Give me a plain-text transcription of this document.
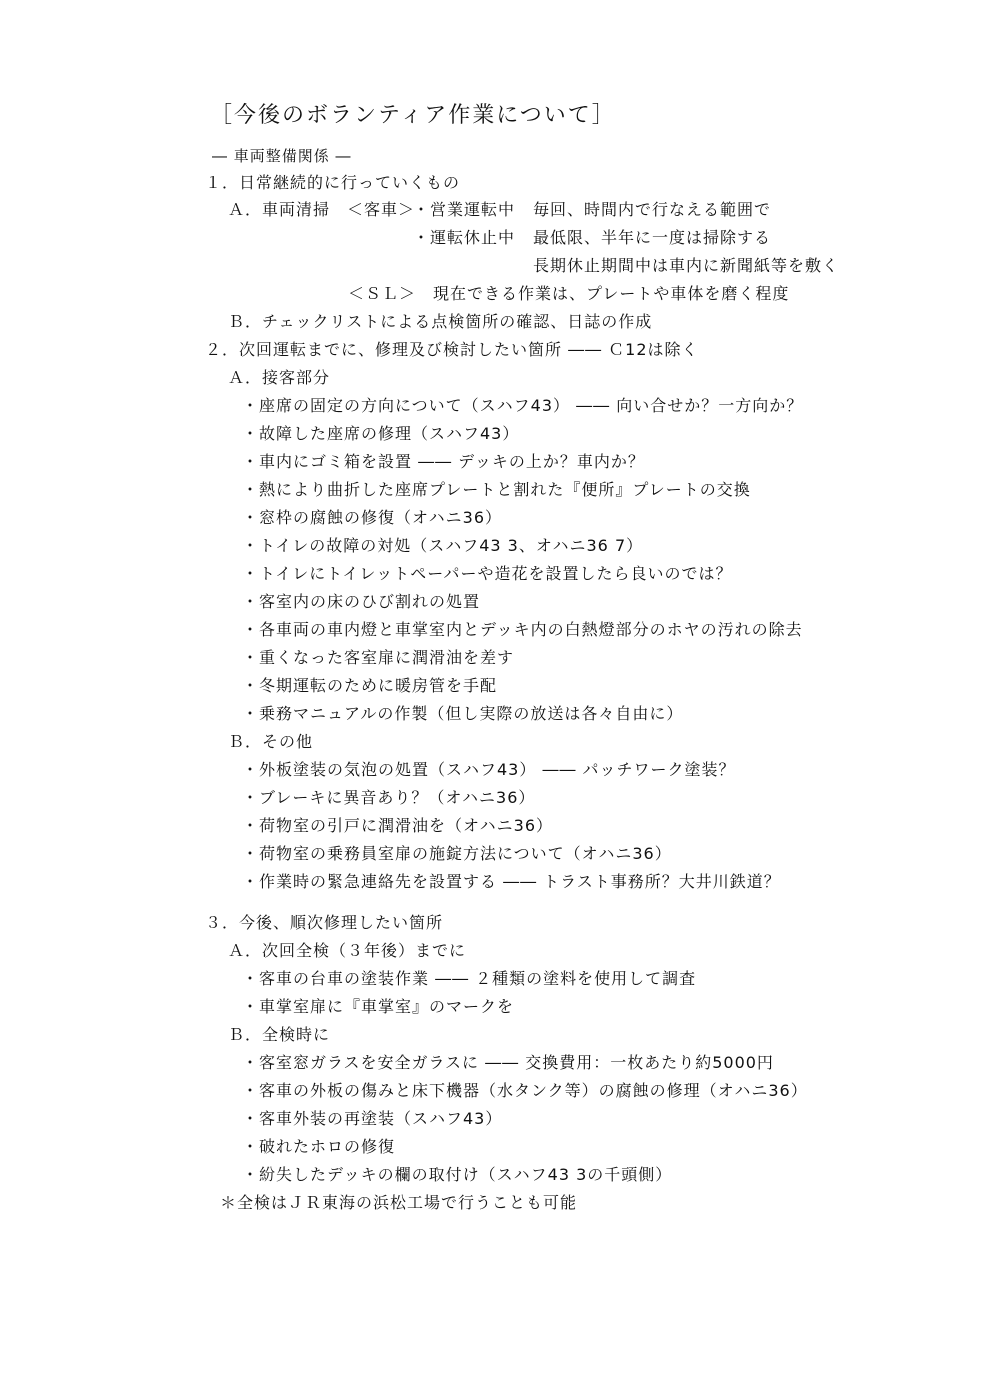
［今後のボランティア作業について］
― 車両整備関係 ―
１．日常継続的に行っていくもの
Ａ．車両清掃　＜客車＞
・営業運転中 毎回、時間内で行なえる範囲で
・運転休止中 最低限、半年に一度は掃除する
長期休止期間中は車内に新聞紙等を敷く
＜ＳＬ＞　現在できる作業は、プレートや車体を磨く程度
Ｂ．チェックリストによる点検箇所の確認、日誌の作成
２．次回運転までに、修理及び検討したい箇所 ―― Ｃ12は除く
Ａ．接客部分
・座席の固定の方向について（スハフ43） ―― 向い合せか？一方向か？
・故障した座席の修理（スハフ43）
・車内にゴミ箱を設置 ―― デッキの上か？車内か？
・熱により曲折した座席プレートと割れた『便所』プレートの交換
・窓枠の腐蝕の修復（オハニ36）
・トイレの故障の対処（スハフ43 3、オハニ36 7）
・トイレにトイレットペーパーや造花を設置したら良いのでは？
・客室内の床のひび割れの処置
・各車両の車内燈と車掌室内とデッキ内の白熱燈部分のホヤの汚れの除去
・重くなった客室扉に潤滑油を差す
・冬期運転のために暖房管を手配
・乗務マニュアルの作製（但し実際の放送は各々自由に）
Ｂ．その他
・外板塗装の気泡の処置（スハフ43） ―― パッチワーク塗装？
・ブレーキに異音あり？（オハニ36）
・荷物室の引戸に潤滑油を（オハニ36）
・荷物室の乗務員室扉の施錠方法について（オハニ36）
・作業時の緊急連絡先を設置する ―― トラスト事務所？大井川鉄道？
３．今後、順次修理したい箇所
Ａ．次回全検（３年後）までに
・客車の台車の塗装作業 ―― ２種類の塗料を使用して調査
・車掌室扉に『車掌室』のマークを
Ｂ．全検時に
・客室窓ガラスを安全ガラスに ―― 交換費用：一枚あたり約5000円
・客車の外板の傷みと床下機器（水タンク等）の腐蝕の修理（オハニ36）
・客車外装の再塗装（スハフ43）
・破れたホロの修復
・紛失したデッキの欄の取付け（スハフ43 3の千頭側）
＊全検はＪＲ東海の浜松工場で行うことも可能
